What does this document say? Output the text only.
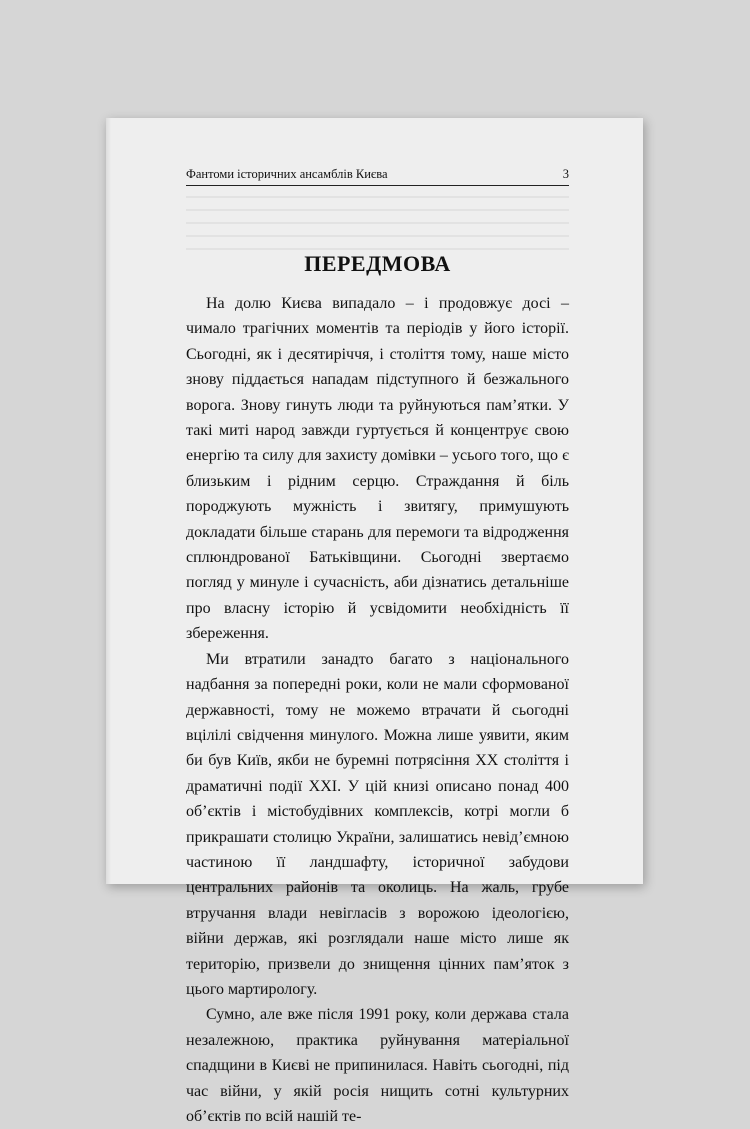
Фантоми історичних ансамблів Києва	3
ПЕРЕДМОВА

На долю Києва випадало – і продовжує досі – чимало трагічних моментів та періодів у його історії. Сьогодні, як і десятиріччя, і століття тому, наше місто знову піддається нападам підступного й безжального ворога. Знову гинуть люди та руйнуються пам’ятки. У такі миті народ завжди гуртується й концентрує свою енергію та силу для захисту домівки – усього того, що є близьким і рідним серцю. Страждання й біль породжують мужність і звитягу, примушують докладати більше старань для перемоги та відродження сплюндрованої Батьківщини. Сьогодні звертаємо погляд у минуле і сучасність, аби дізнатись детальніше про власну історію й усвідомити необхідність її збереження.

Ми втратили занадто багато з національного надбання за попередні роки, коли не мали сформованої державності, тому не можемо втрачати й сьогодні вцілілі свідчення минулого. Можна лише уявити, яким би був Київ, якби не буремні потрясіння XX століття і драматичні події XXI. У цій книзі описано понад 400 об’єктів і містобудівних комплексів, котрі могли б прикрашати столицю України, залишатись невід’ємною частиною її ландшафту, історичної забудови центральних районів та околиць. На жаль, грубе втручання влади невігласів з ворожою ідеологією, війни держав, які розглядали наше місто лише як територію, призвели до знищення цінних пам’яток з цього мартирологу.

Сумно, але вже після 1991 року, коли держава стала незалежною, практика руйнування матеріальної спадщини в Києві не припинилася. Навіть сьогодні, під час війни, у якій росія нищить сотні культурних об’єктів по всій нашій те-
